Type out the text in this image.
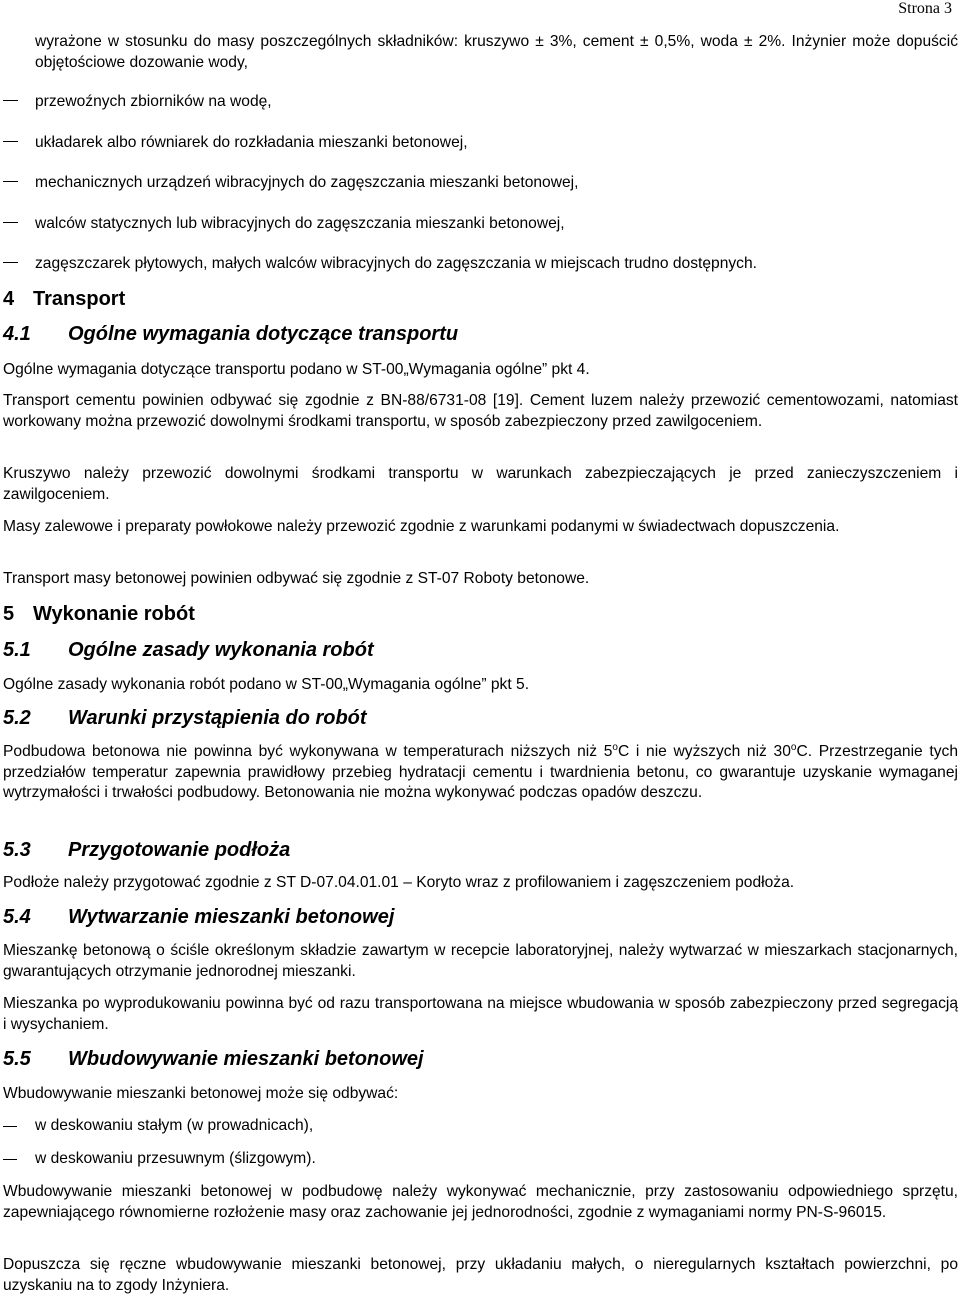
Strona 3

wyrażone w stosunku do masy poszczególnych składników: kruszywo ± 3%, cement ± 0,5%, woda ± 2%. Inżynier może dopuścić objętościowe dozowanie wody,

przewoźnych zbiorników na wodę,
układarek albo równiarek do rozkładania mieszanki betonowej,
mechanicznych urządzeń wibracyjnych do zagęszczania mieszanki betonowej,
walców statycznych lub wibracyjnych do zagęszczania mieszanki betonowej,
zagęszczarek płytowych, małych walców wibracyjnych do zagęszczania w miejscach trudno dostępnych.
4 Transport
4.1 Ogólne wymagania dotyczące transportu

Ogólne wymagania dotyczące transportu podano w ST-00„Wymagania ogólne” pkt 4.

Transport cementu powinien odbywać się zgodnie z BN-88/6731-08 [19]. Cement luzem należy przewozić cementowozami, natomiast workowany można przewozić dowolnymi środkami transportu, w sposób zabezpieczony przed zawilgoceniem.

Kruszywo należy przewozić dowolnymi środkami transportu w warunkach zabezpieczających je przed zanieczyszczeniem i zawilgoceniem.

Masy zalewowe i preparaty powłokowe należy przewozić zgodnie z warunkami podanymi w świadectwach dopuszczenia.

Transport masy betonowej powinien odbywać się zgodnie z ST-07 Roboty betonowe.

5 Wykonanie robót
5.1 Ogólne zasady wykonania robót

Ogólne zasady wykonania robót podano w ST-00„Wymagania ogólne” pkt 5.

5.2 Warunki przystąpienia do robót

Podbudowa betonowa nie powinna być wykonywana w temperaturach niższych niż 5$^o$C i nie wyższych niż 30$^o$C. Przestrzeganie tych przedziałów temperatur zapewnia prawidłowy przebieg hydratacji cementu i twardnienia betonu, co gwarantuje uzyskanie wymaganej wytrzymałości i trwałości podbudowy. Betonowania nie można wykonywać podczas opadów deszczu.

5.3 Przygotowanie podłoża

Podłoże należy przygotować zgodnie z ST D-07.04.01.01 – Koryto wraz z profilowaniem i zagęszczeniem podłoża.

5.4 Wytwarzanie mieszanki betonowej

Mieszankę betonową o ściśle określonym składzie zawartym w recepcie laboratoryjnej, należy wytwarzać w mieszarkach stacjonarnych, gwarantujących otrzymanie jednorodnej mieszanki.

Mieszanka po wyprodukowaniu powinna być od razu transportowana na miejsce wbudowania w sposób zabezpieczony przed segregacją i wysychaniem.

5.5 Wbudowywanie mieszanki betonowej

Wbudowywanie mieszanki betonowej może się odbywać:

w deskowaniu stałym (w prowadnicach),
w deskowaniu przesuwnym (ślizgowym).

Wbudowywanie mieszanki betonowej w podbudowę należy wykonywać mechanicznie, przy zastosowaniu odpowiedniego sprzętu, zapewniającego równomierne rozłożenie masy oraz zachowanie jej jednorodności, zgodnie z wymaganiami normy PN-S-96015.

Dopuszcza się ręczne wbudowywanie mieszanki betonowej, przy układaniu małych, o nieregularnych kształtach powierzchni, po uzyskaniu na to zgody Inżyniera.
